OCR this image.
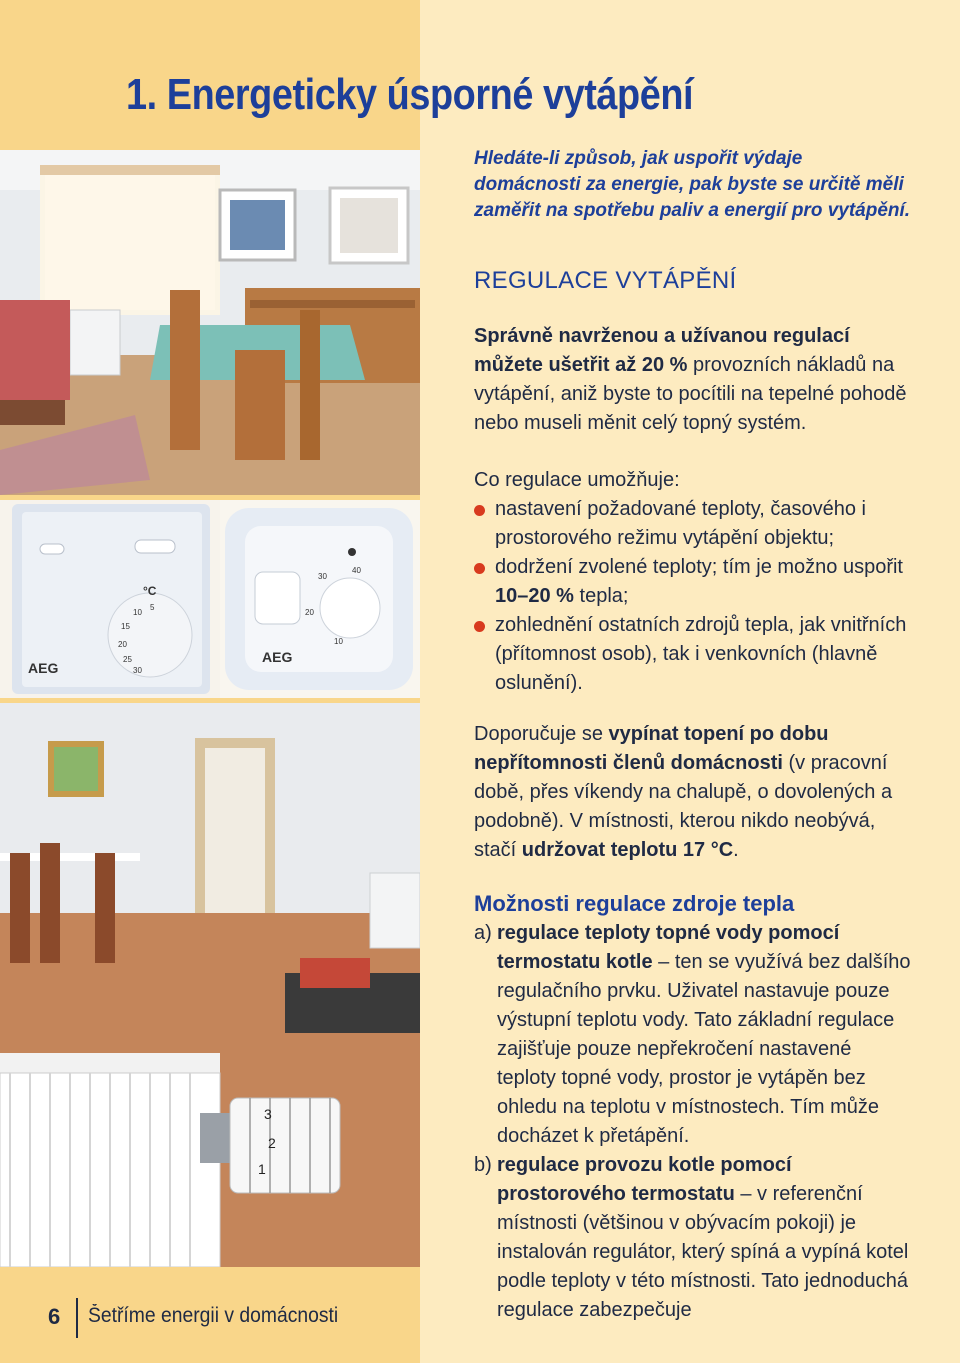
1. Energeticky úsporné vytápění
AEG
AEG
°C
5
10
15
20
25
30
10
20
30
40
1
2
3
6 Šetříme energii v domácnosti

Hledáte-li způsob, jak uspořit výdaje domácnosti za energie, pak byste se určitě měli zaměřit na spotřebu paliv a energií pro vytápění.

REGULACE VYTÁPĚNÍ

Správně navrženou a užívanou regulací můžete ušetřit až 20 % provozních nákladů na vytápění, aniž byste to pocítili na tepelné pohodě nebo museli měnit celý topný systém.

Co regulace umožňuje:

nastavení požadované teploty, časového i prostorového režimu vytápění objektu;
dodržení zvolené teploty; tím je možno uspořit 10–20 % tepla;
zohlednění ostatních zdrojů tepla, jak vnitřních (přítomnost osob), tak i venkovních (hlavně oslunění).

Doporučuje se vypínat topení po dobu nepřítomnosti členů domácnosti (v pracovní době, přes víkendy na chalupě, o dovolených a podobně). V místnosti, kterou nikdo neobývá, stačí udržovat teplotu 17 °C.

Možnosti regulace zdroje tepla

a) regulace teploty topné vody pomocí termostatu kotle – ten se využívá bez dalšího regulačního prvku. Uživatel nastavuje pouze výstupní teplotu vody. Tato základní regulace zajišťuje pouze nepřekročení nastavené teploty topné vody, prostor je vytápěn bez ohledu na teplotu v místnostech. Tím může docházet k přetápění.

b) regulace provozu kotle pomocí prostorového termostatu – v referenční místnosti (většinou v obývacím pokoji) je instalován regulátor, který spíná a vypíná kotel podle teploty v této místnosti. Tato jednoduchá regulace zabezpečuje
